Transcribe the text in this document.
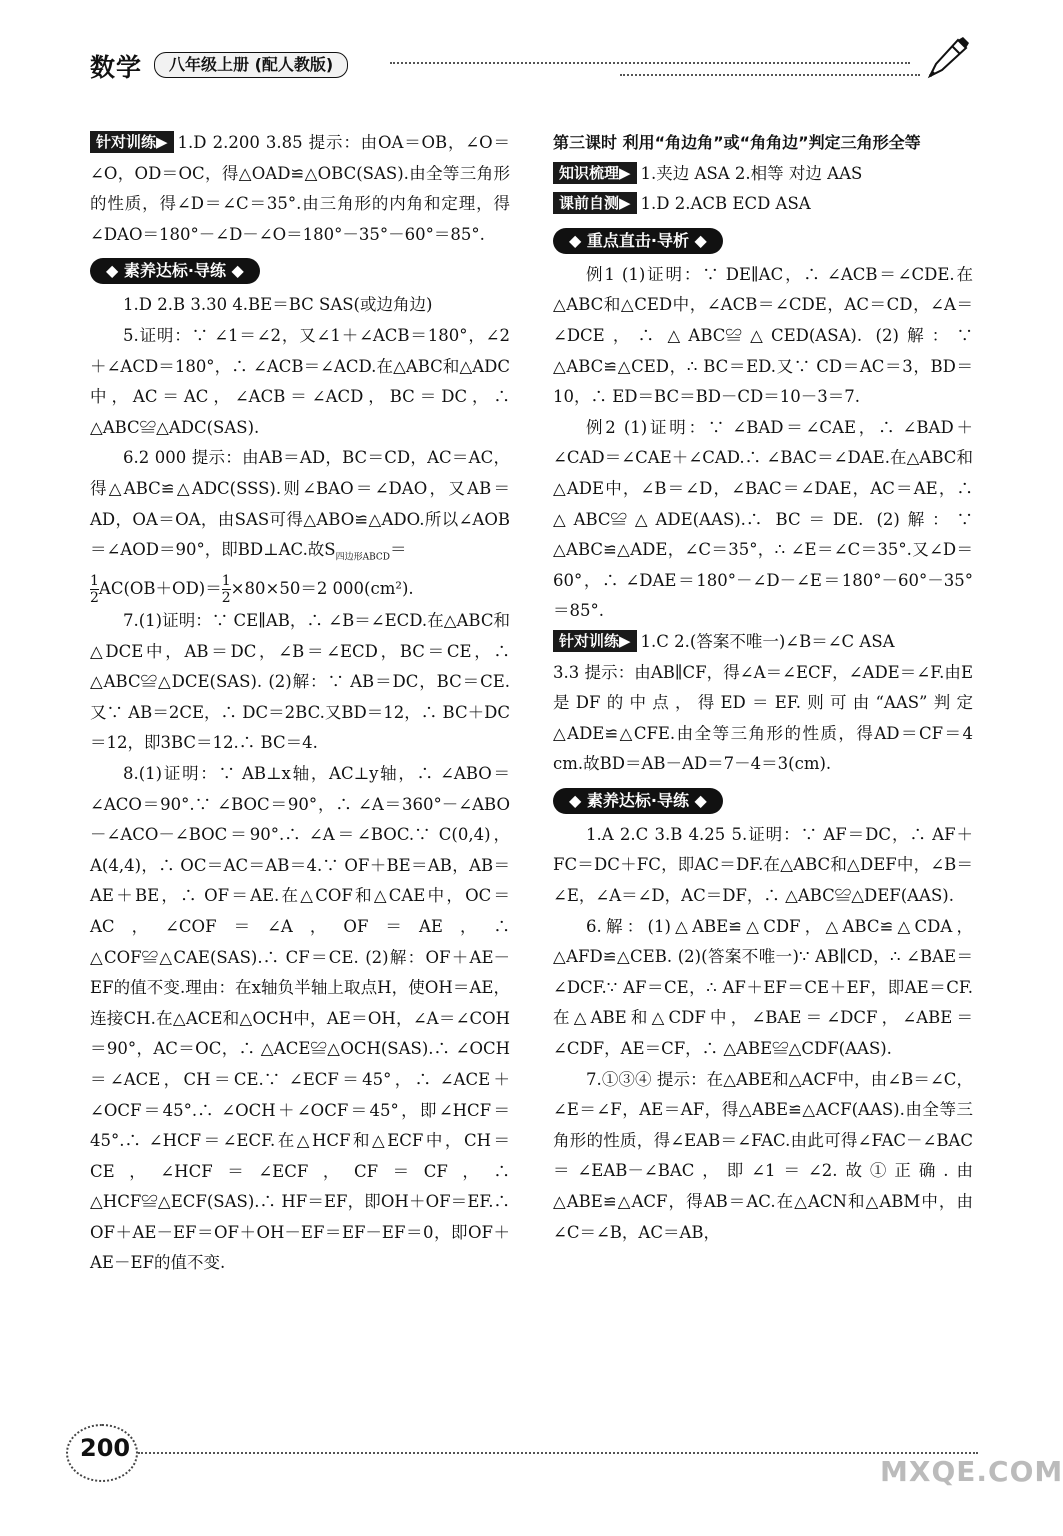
数学	八年级上册 (配人教版)

针对训练▶ 1.D 2.200 3.85 提示：由OA＝OB，∠O＝∠O，OD＝OC，得△OAD≌△OBC(SAS).由全等三角形的性质，得∠D＝∠C＝35°.由三角形的内角和定理，得∠DAO＝180°－∠D－∠O＝180°－35°－60°＝85°.

◆ 素养达标·导练 ◆

1.D 2.B 3.30 4.BE＝BC SAS(或边角边)

5.证明：∵ ∠1＝∠2，又∠1＋∠ACB＝180°，∠2＋∠ACD＝180°，∴ ∠ACB＝∠ACD.在△ABC和△ADC中，AC＝AC，∠ACB＝∠ACD，BC＝DC，∴ △ABC≌△ADC(SAS).

6.2 000 提示：由AB＝AD，BC＝CD，AC＝AC，得△ABC≌△ADC(SSS).则∠BAO＝∠DAO，又AB＝AD，OA＝OA，由SAS可得△ABO≌△ADO.所以∠AOB＝∠AOD＝90°，即BD⊥AC.故$S_{四边形ABCD}=$

$\frac{1}{2} AC(OB+OD)= \frac{1}{2} \times 80\times 50=2$ 000(cm²).

7.(1)证明：∵ CE∥AB，∴ ∠B＝∠ECD.在△ABC和△DCE中，AB＝DC，∠B＝∠ECD，BC＝CE，∴ △ABC≌△DCE(SAS). (2)解：∵ AB＝DC，BC＝CE.又∵ AB＝2CE，∴ DC＝2BC.又BD＝12，∴ BC＋DC＝12，即3BC＝12.∴ BC＝4.

8.(1)证明：∵ AB⊥x轴，AC⊥y轴，∴ ∠ABO＝∠ACO＝90°.∵ ∠BOC＝90°，∴ ∠A＝360°－∠ABO－∠ACO－∠BOC＝90°.∴ ∠A＝∠BOC.∵ C(0,4)，A(4,4)，∴ OC＝AC＝AB＝4.∵ OF＋BE＝AB，AB＝AE＋BE，∴ OF＝AE.在△COF和△CAE中，OC＝AC，∠COF＝∠A，OF＝AE，∴ △COF≌△CAE(SAS).∴ CF＝CE. (2)解：OF＋AE－EF的值不变.理由：在x轴负半轴上取点H，使OH＝AE，连接CH.在△ACE和△OCH中，AE＝OH，∠A＝∠COH＝90°，AC＝OC，∴ △ACE≌△OCH(SAS).∴ ∠OCH＝∠ACE，CH＝CE.∵ ∠ECF＝45°，∴ ∠ACE＋∠OCF＝45°.∴ ∠OCH＋∠OCF＝45°，即∠HCF＝45°.∴ ∠HCF＝∠ECF.在△HCF和△ECF中，CH＝CE，∠HCF＝∠ECF，CF＝CF，∴ △HCF≌△ECF(SAS).∴ HF＝EF，即OH＋OF＝EF.∴ OF＋AE－EF＝OF＋OH－EF＝EF－EF＝0，即OF＋AE－EF的值不变.

第三课时 利用“角边角”或“角角边”判定三角形全等

知识梳理▶ 1.夹边 ASA 2.相等 对边 AAS

课前自测▶ 1.D 2.ACB ECD ASA

◆ 重点直击·导析 ◆

例1 (1)证明：∵ DE∥AC，∴ ∠ACB＝∠CDE.在△ABC和△CED中，∠ACB＝∠CDE，AC＝CD，∠A＝∠DCE，∴ △ABC≌△CED(ASA). (2)解：∵ △ABC≌△CED，∴ BC＝ED.又∵ CD＝AC＝3，BD＝10，∴ ED＝BC＝BD－CD＝10－3＝7.

例2 (1)证明：∵ ∠BAD＝∠CAE，∴ ∠BAD＋∠CAD＝∠CAE＋∠CAD.∴ ∠BAC＝∠DAE.在△ABC和△ADE中，∠B＝∠D，∠BAC＝∠DAE，AC＝AE，∴ △ABC≌△ADE(AAS).∴ BC＝DE. (2)解：∵ △ABC≌△ADE，∠C＝35°，∴ ∠E＝∠C＝35°.又∠D＝60°，∴ ∠DAE＝180°－∠D－∠E＝180°－60°－35°＝85°.

针对训练▶ 1.C 2.(答案不唯一)∠B＝∠C ASA

3.3 提示：由AB∥CF，得∠A＝∠ECF，∠ADE＝∠F.由E是DF的中点，得ED＝EF.则可由“AAS”判定△ADE≌△CFE.由全等三角形的性质，得AD＝CF＝4 cm.故BD＝AB－AD＝7－4＝3(cm).

◆ 素养达标·导练 ◆

1.A 2.C 3.B 4.25 5.证明：∵ AF＝DC，∴ AF＋FC＝DC＋FC，即AC＝DF.在△ABC和△DEF中，∠B＝∠E，∠A＝∠D，AC＝DF，∴ △ABC≌△DEF(AAS).

6.解：(1)△ABE≌△CDF，△ABC≌△CDA，△AFD≌△CEB. (2)(答案不唯一)∵ AB∥CD，∴ ∠BAE＝∠DCF.∵ AF＝CE，∴ AF＋EF＝CE＋EF，即AE＝CF.在△ABE和△CDF中，∠BAE＝∠DCF，∠ABE＝∠CDF，AE＝CF，∴ △ABE≌△CDF(AAS).

7.①③④ 提示：在△ABE和△ACF中，由∠B＝∠C，∠E＝∠F，AE＝AF，得△ABE≌△ACF(AAS).由全等三角形的性质，得∠EAB＝∠FAC.由此可得∠FAC－∠BAC＝∠EAB－∠BAC，即∠1＝∠2.故①正确.由△ABE≌△ACF，得AB＝AC.在△ACN和△ABM中，由∠C＝∠B，AC＝AB，

200
MXQE.COM
